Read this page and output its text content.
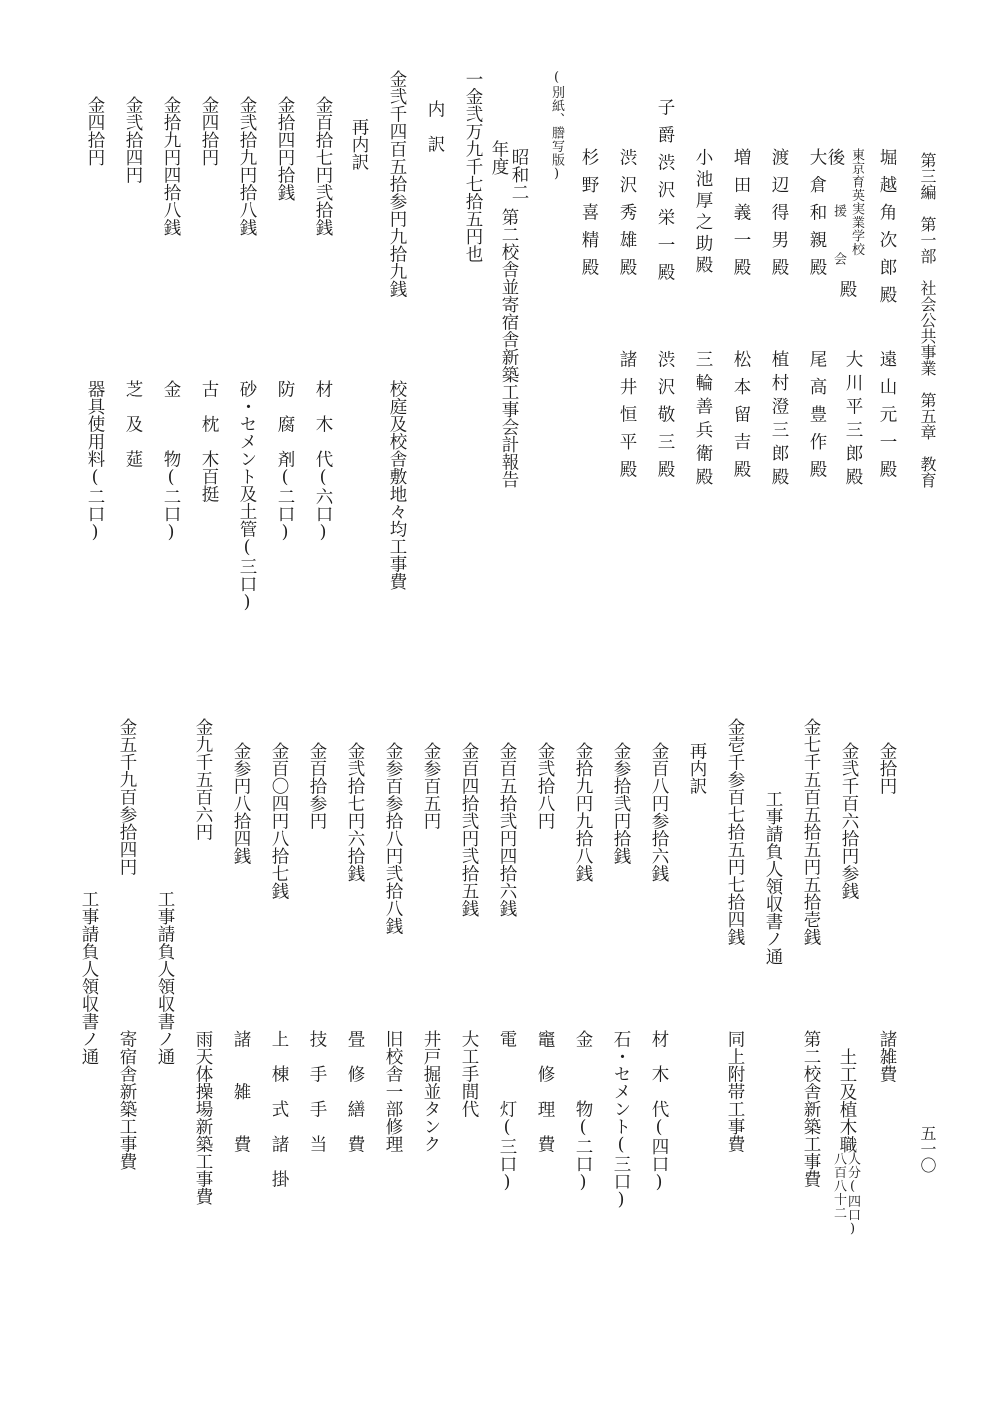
第三編　第一部　社会公共事業　第五章　教育
五一〇
堀越角次郎殿
東京育英実業学校
後
援
会
殿
大倉和親殿
渡辺得男殿
増田義一殿
小池厚之助殿
子爵渋沢栄一殿
渋沢秀雄殿
杉野喜精殿
遠山元一殿
大川平三郎殿
尾高豊作殿
植村澄三郎殿
松本留吉殿
三輪善兵衛殿
渋沢敬三殿
諸井恒平殿
(別紙、謄写版)
昭和二
年度
第二校舎並寄宿舎新築工事会計報告
一金弐万九千七拾五円也
内　訳
金弐千四百五拾参円九拾九銭
校庭及校舎敷地々均工事費
再内訳
金百拾七円弐拾銭
材　木　代(六口)
金拾四円拾銭
防　腐　剤(二口)
金弐拾九円拾八銭
砂・セメント及土管(三口)
金四拾円
古　枕　木百挺
金拾九円四拾八銭
金　　　物(二口)
金弐拾四円
芝　及　莚
金四拾円
器具使用料(二口)
金拾円
諸雑費
金弐千百六拾円参銭
土工及植木職
八百八十二 人分(四口)
金七千五百五拾五円五拾壱銭
第二校舎新築工事費
工事請負人領収書ノ通
金壱千参百七拾五円七拾四銭
同上附帯工事費
再内訳
金百八円参拾六銭
材　木　代(四口)
金参拾弐円拾銭
石・セメント(三口)
金拾九円九拾八銭
金　　　物(二口)
金弐拾八円
竈　修　理　費
金百五拾弐円四拾六銭
電　　　灯(三口)
金百四拾弐円弐拾五銭
大工手間代
金参百五円
井戸掘並タンク
金参百参拾八円弐拾八銭
旧校舎一部修理
金弐拾七円六拾銭
畳　修　繕　費
金百拾参円
技　手　手　当
金百〇四円八拾七銭
上　棟　式　諸　掛
金参円八拾四銭
諸　　雑　　費
金九千五百六円
雨天体操場新築工事費
工事請負人領収書ノ通
金五千九百参拾四円
寄宿舎新築工事費
工事請負人領収書ノ通
